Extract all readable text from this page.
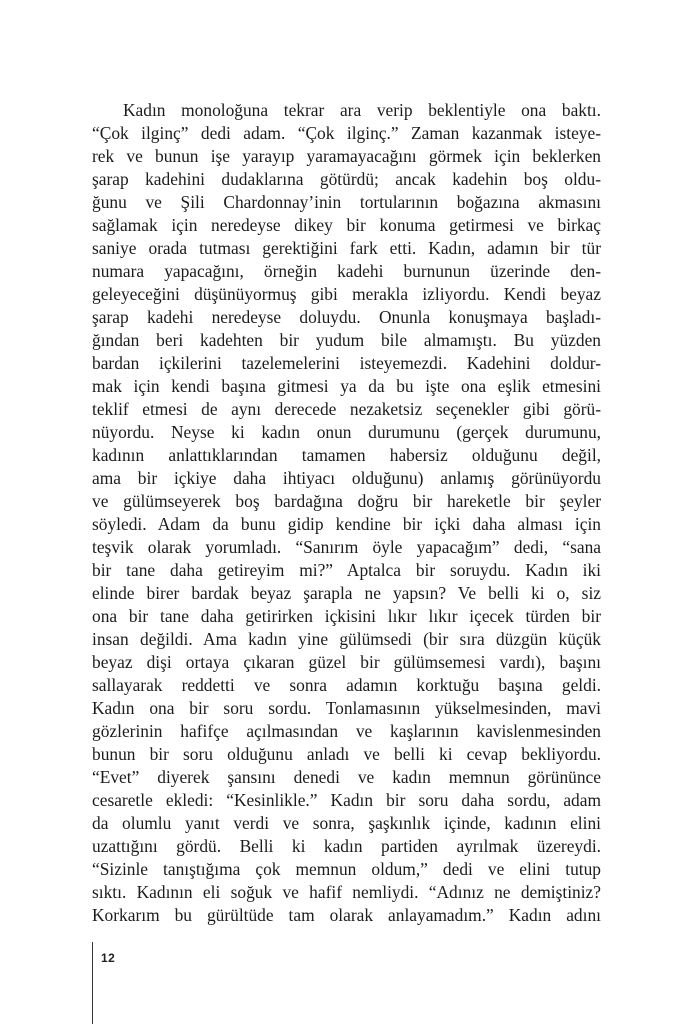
Kadın monoloğuna tekrar ara verip beklentiyle ona baktı.
“Çok ilginç” dedi adam. “Çok ilginç.” Zaman kazanmak isteye-
rek ve bunun işe yarayıp yaramayacağını görmek için beklerken
şarap kadehini dudaklarına götürdü; ancak kadehin boş oldu-
ğunu ve Şili Chardonnay’inin tortularının boğazına akmasını
sağlamak için neredeyse dikey bir konuma getirmesi ve birkaç
saniye orada tutması gerektiğini fark etti. Kadın, adamın bir tür
numara yapacağını, örneğin kadehi burnunun üzerinde den-
geleyeceğini düşünüyormuş gibi merakla izliyordu. Kendi beyaz
şarap kadehi neredeyse doluydu. Onunla konuşmaya başladı-
ğından beri kadehten bir yudum bile almamıştı. Bu yüzden
bardan içkilerini tazelemelerini isteyemezdi. Kadehini doldur-
mak için kendi başına gitmesi ya da bu işte ona eşlik etmesini
teklif etmesi de aynı derecede nezaketsiz seçenekler gibi görü-
nüyordu. Neyse ki kadın onun durumunu (gerçek durumunu,
kadının anlattıklarından tamamen habersiz olduğunu değil,
ama bir içkiye daha ihtiyacı olduğunu) anlamış görünüyordu
ve gülümseyerek boş bardağına doğru bir hareketle bir şeyler
söyledi. Adam da bunu gidip kendine bir içki daha alması için
teşvik olarak yorumladı. “Sanırım öyle yapacağım” dedi, “sana
bir tane daha getireyim mi?” Aptalca bir soruydu. Kadın iki
elinde birer bardak beyaz şarapla ne yapsın? Ve belli ki o, siz
ona bir tane daha getirirken içkisini lıkır lıkır içecek türden bir
insan değildi. Ama kadın yine gülümsedi (bir sıra düzgün küçük
beyaz dişi ortaya çıkaran güzel bir gülümsemesi vardı), başını
sallayarak reddetti ve sonra adamın korktuğu başına geldi.
Kadın ona bir soru sordu. Tonlamasının yükselmesinden, mavi
gözlerinin hafifçe açılmasından ve kaşlarının kavislenmesinden
bunun bir soru olduğunu anladı ve belli ki cevap bekliyordu.
“Evet” diyerek şansını denedi ve kadın memnun görününce
cesaretle ekledi: “Kesinlikle.” Kadın bir soru daha sordu, adam
da olumlu yanıt verdi ve sonra, şaşkınlık içinde, kadının elini
uzattığını gördü. Belli ki kadın partiden ayrılmak üzereydi.
“Sizinle tanıştığıma çok memnun oldum,” dedi ve elini tutup
sıktı. Kadının eli soğuk ve hafif nemliydi. “Adınız ne demiştiniz?
Korkarım bu gürültüde tam olarak anlayamadım.” Kadın adını
12
